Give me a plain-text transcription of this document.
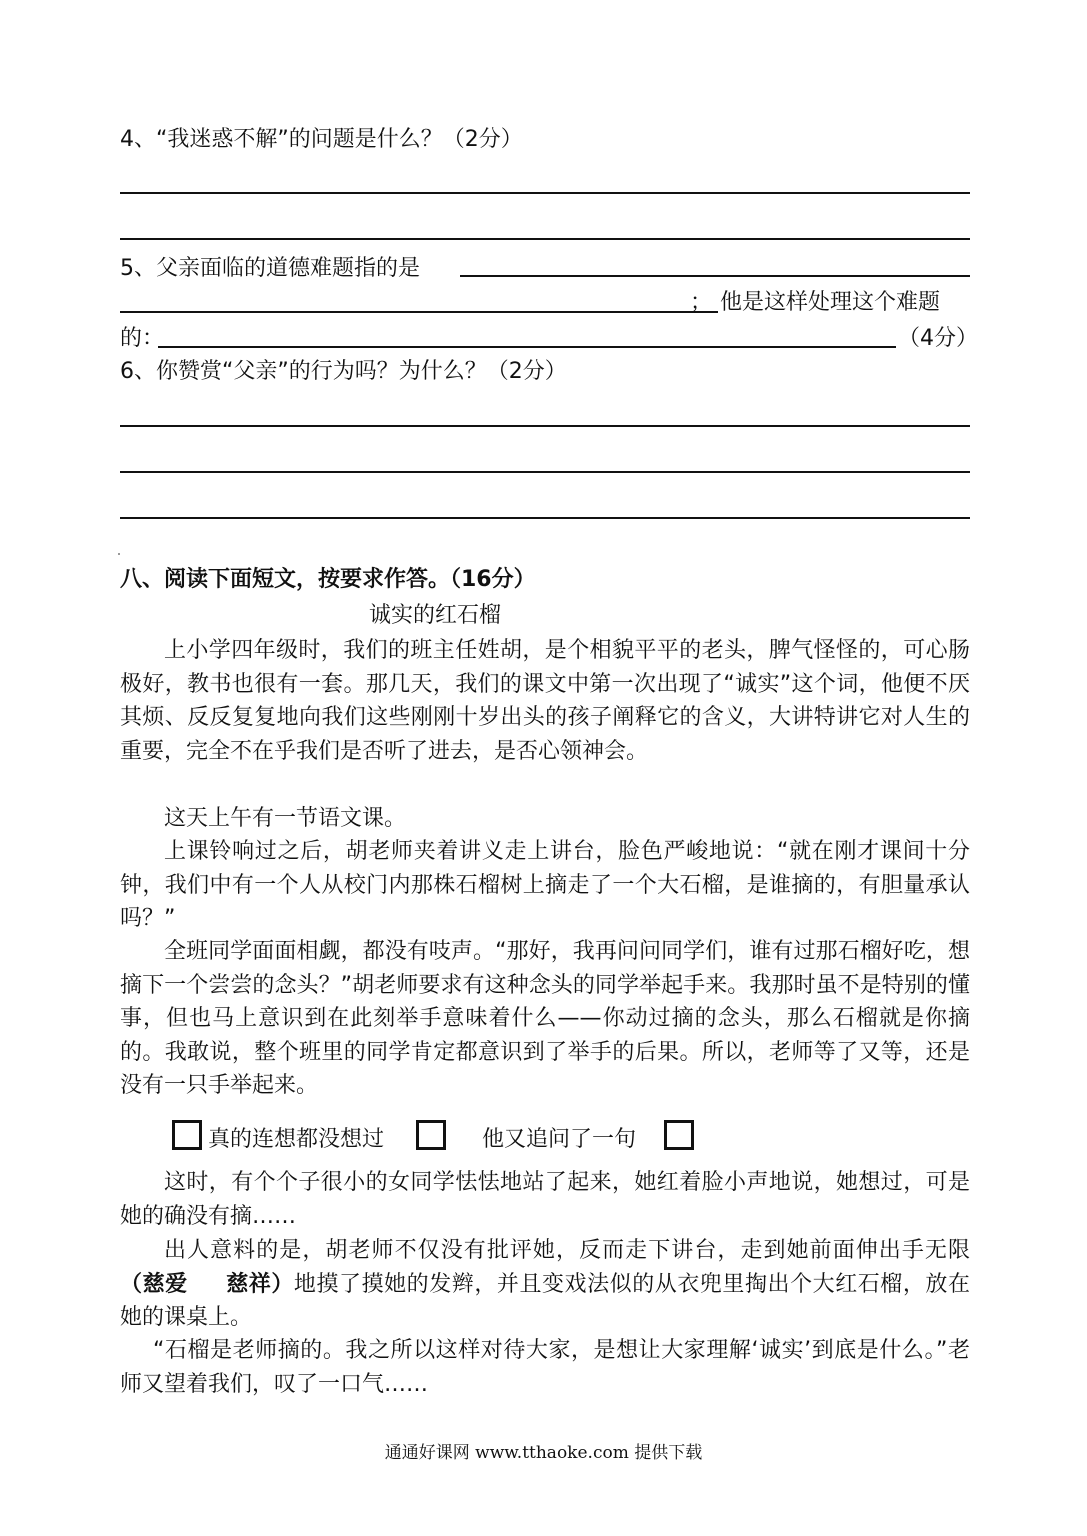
4、“我迷惑不解”的问题是什么？（2分）
5、父亲面临的道德难题指的是
； 他是这样处理这个难题
的：	（4分）
6、你赞赏“父亲”的行为吗？为什么？（2分）
八、阅读下面短文，按要求作答。（16分）
诚实的红石榴
上小学四年级时，我们的班主任姓胡，是个相貌平平的老头，脾气怪怪的，可心肠极好，教书也很有一套。那几天，我们的课文中第一次出现了“诚实”这个词，他便不厌其烦、反反复复地向我们这些刚刚十岁出头的孩子阐释它的含义，大讲特讲它对人生的重要，完全不在乎我们是否听了进去，是否心领神会。
这天上午有一节语文课。
上课铃响过之后，胡老师夹着讲义走上讲台，脸色严峻地说：“就在刚才课间十分钟，我们中有一个人从校门内那株石榴树上摘走了一个大石榴，是谁摘的，有胆量承认吗？”
全班同学面面相觑，都没有吱声。“那好，我再问问同学们，谁有过那石榴好吃，想摘下一个尝尝的念头？”胡老师要求有这种念头的同学举起手来。我那时虽不是特别的懂事，但也马上意识到在此刻举手意味着什么——你动过摘的念头，那么石榴就是你摘的。我敢说，整个班里的同学肯定都意识到了举手的后果。所以，老师等了又等，还是没有一只手举起来。
真的连想都没想过	他又追问了一句
这时，有个个子很小的女同学怯怯地站了起来，她红着脸小声地说，她想过，可是她的确没有摘……
出人意料的是，胡老师不仅没有批评她，反而走下讲台，走到她前面伸出手无限（慈爱 慈祥）地摸了摸她的发辫，并且变戏法似的从衣兜里掏出个大红石榴，放在她的课桌上。
“石榴是老师摘的。我之所以这样对待大家，是想让大家理解‘诚实’到底是什么。”老师又望着我们，叹了一口气……
通通好课网 www.tthaoke.com 提供下载
